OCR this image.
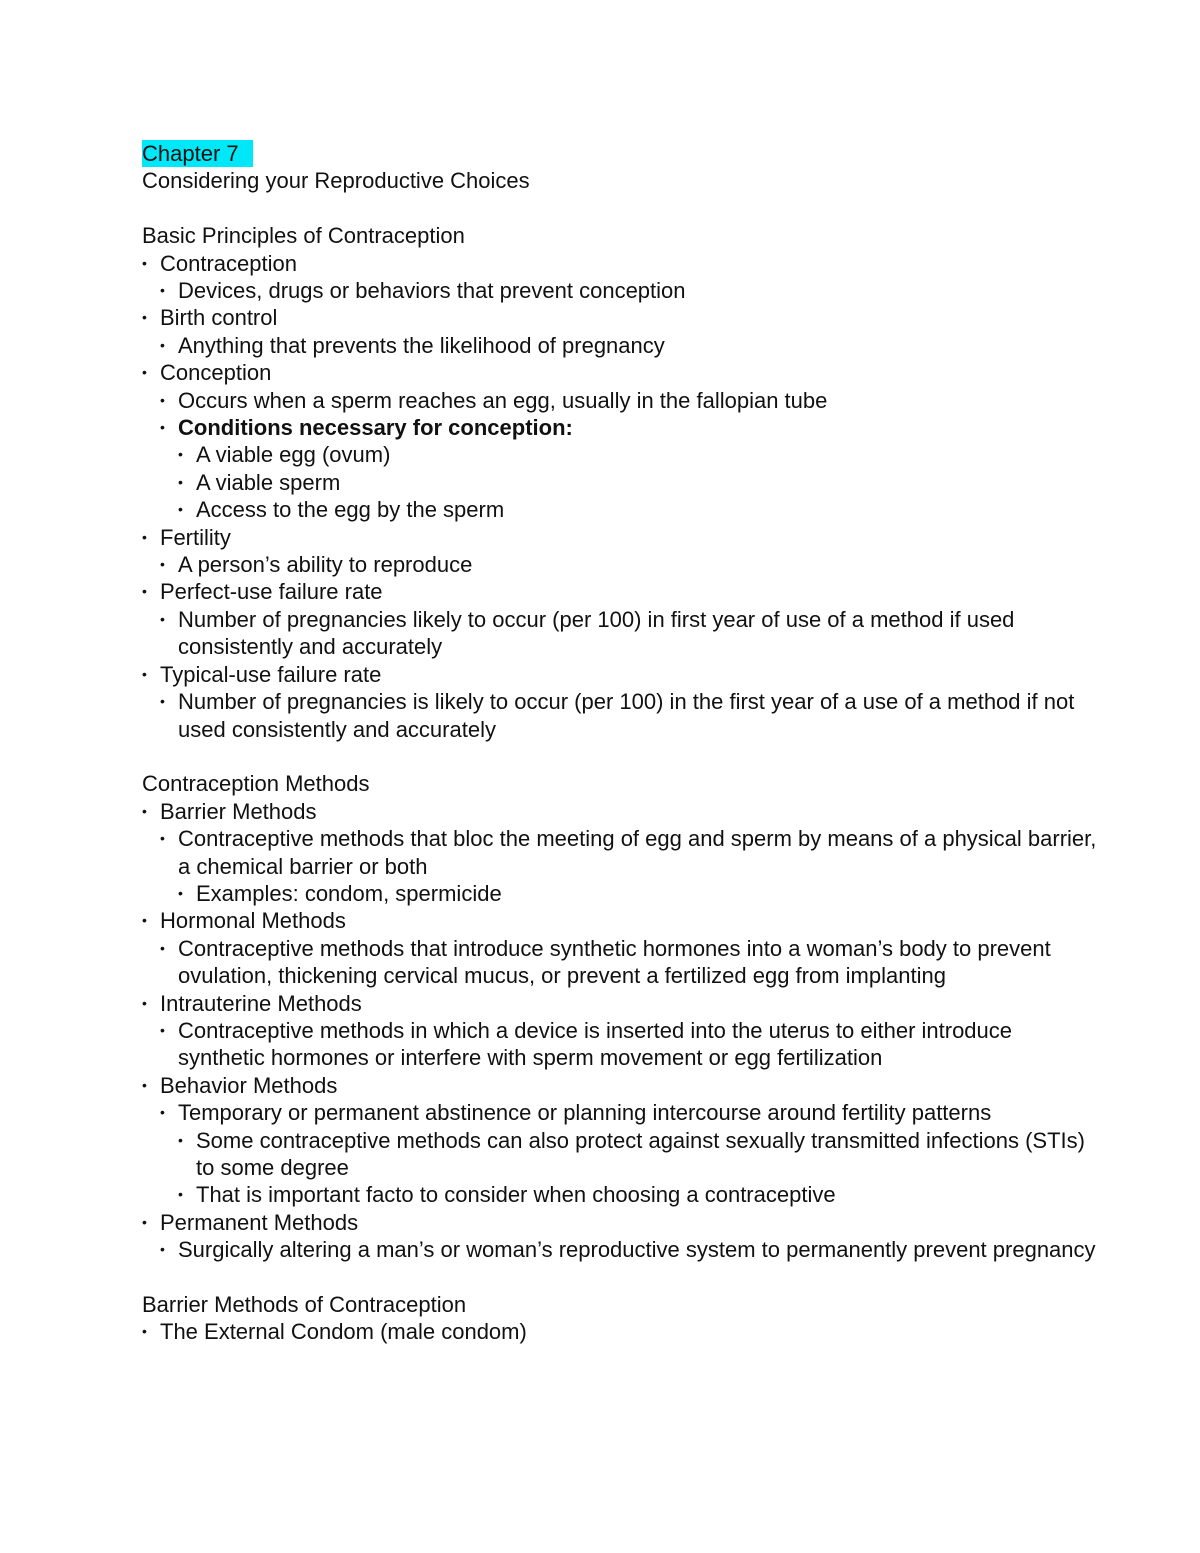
Chapter 7
Considering your Reproductive Choices
Basic Principles of Contraception
• Contraception
• Devices, drugs or behaviors that prevent conception
• Birth control
• Anything that prevents the likelihood of pregnancy
• Conception
• Occurs when a sperm reaches an egg, usually in the fallopian tube
• Conditions necessary for conception:
• A viable egg (ovum)
• A viable sperm
• Access to the egg by the sperm
• Fertility
• A person’s ability to reproduce
• Perfect-use failure rate
• Number of pregnancies likely to occur (per 100) in first year of use of a method if used consistently and accurately
• Typical-use failure rate
• Number of pregnancies is likely to occur (per 100) in the first year of a use of a method if not used consistently and accurately
Contraception Methods
• Barrier Methods
• Contraceptive methods that bloc the meeting of egg and sperm by means of a physical barrier, a chemical barrier or both
• Examples: condom, spermicide
• Hormonal Methods
• Contraceptive methods that introduce synthetic hormones into a woman’s body to prevent ovulation, thickening cervical mucus, or prevent a fertilized egg from implanting
• Intrauterine Methods
• Contraceptive methods in which a device is inserted into the uterus to either introduce synthetic hormones or interfere with sperm movement or egg fertilization
• Behavior Methods
• Temporary or permanent abstinence or planning intercourse around fertility patterns
• Some contraceptive methods can also protect against sexually transmitted infections (STIs) to some degree
• That is important facto to consider when choosing a contraceptive
• Permanent Methods
• Surgically altering a man’s or woman’s reproductive system to permanently prevent pregnancy
Barrier Methods of Contraception
• The External Condom (male condom)
